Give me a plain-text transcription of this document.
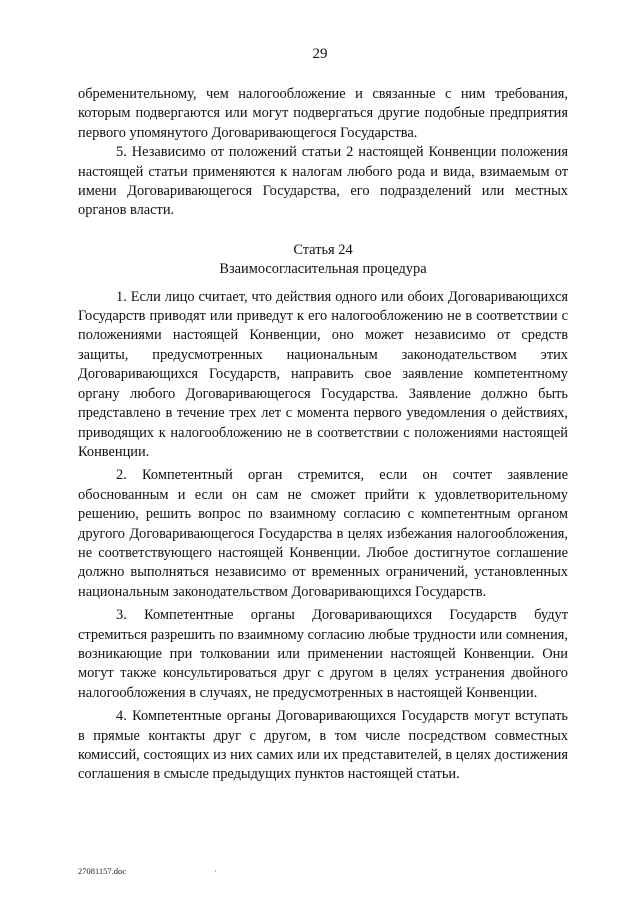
29

обременительному, чем налогообложение и связанные с ним требования, которым подвергаются или могут подвергаться другие подобные предприятия первого упомянутого Договаривающегося Государства.

5. Независимо от положений статьи 2 настоящей Конвенции положения настоящей статьи применяются к налогам любого рода и вида, взимаемым от имени Договаривающегося Государства, его подразделений или местных органов власти.

Статья 24

Взаимосогласительная процедура

1. Если лицо считает, что действия одного или обоих Договаривающихся Государств приводят или приведут к его налогообложению не в соответствии с положениями настоящей Конвенции, оно может независимо от средств защиты, предусмотренных национальным законодательством этих Договаривающихся Государств, направить свое заявление компетентному органу любого Договаривающегося Государства. Заявление должно быть представлено в течение трех лет с момента первого уведомления о действиях, приводящих к налогообложению не в соответствии с положениями настоящей Конвенции.

2. Компетентный орган стремится, если он сочтет заявление обоснованным и если он сам не сможет прийти к удовлетворительному решению, решить вопрос по взаимному согласию с компетентным органом другого Договаривающегося Государства в целях избежания налогообложения, не соответствующего настоящей Конвенции. Любое достигнутое соглашение должно выполняться независимо от временных ограничений, установленных национальным законодательством Договаривающихся Государств.

3. Компетентные органы Договаривающихся Государств будут стремиться разрешить по взаимному согласию любые трудности или сомнения, возникающие при толковании или применении настоящей Конвенции. Они могут также консультироваться друг с другом в целях устранения двойного налогообложения в случаях, не предусмотренных в настоящей Конвенции.

4. Компетентные органы Договаривающихся Государств могут вступать в прямые контакты друг с другом, в том числе посредством совместных комиссий, состоящих из них самих или их представителей, в целях достижения соглашения в смысле предыдущих пунктов настоящей статьи.

27081157.doc	·
